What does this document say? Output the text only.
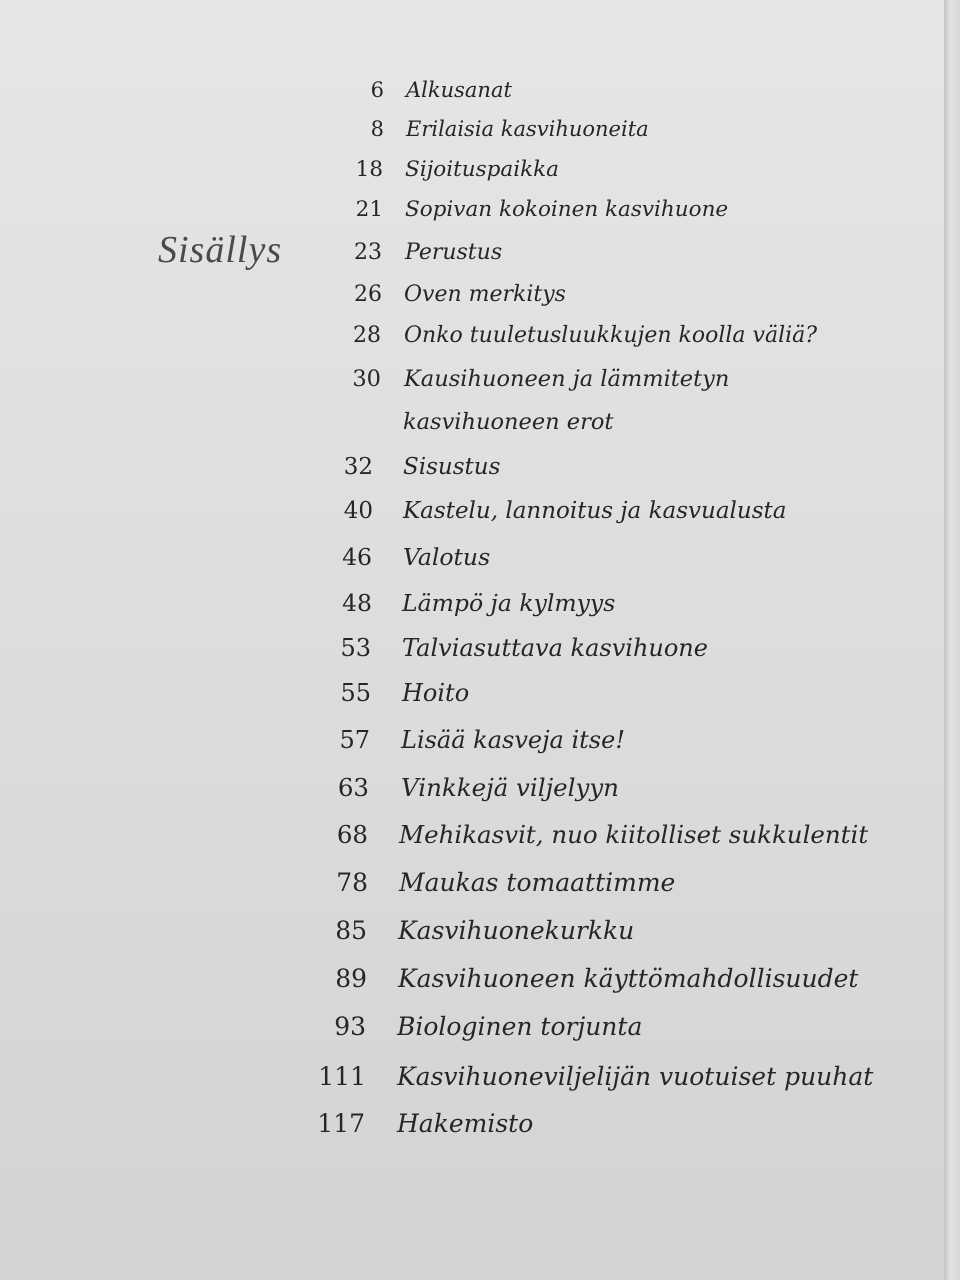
Sisällys
6 Alkusanat
8 Erilaisia kasvihuoneita
18 Sijoituspaikka
21 Sopivan kokoinen kasvihuone
23 Perustus
26 Oven merkitys
28 Onko tuuletusluukkujen koolla väliä?
30 Kausihuoneen ja lämmitetyn
kasvihuoneen erot
32 Sisustus
40 Kastelu, lannoitus ja kasvualusta
46 Valotus
48 Lämpö ja kylmyys
53 Talviasuttava kasvihuone
55 Hoito
57 Lisää kasveja itse!
63 Vinkkejä viljelyyn
68 Mehikasvit, nuo kiitolliset sukkulentit
78 Maukas tomaattimme
85 Kasvihuonekurkku
89 Kasvihuoneen käyttömahdollisuudet
93 Biologinen torjunta
111 Kasvihuoneviljelijän vuotuiset puuhat
117 Hakemisto
